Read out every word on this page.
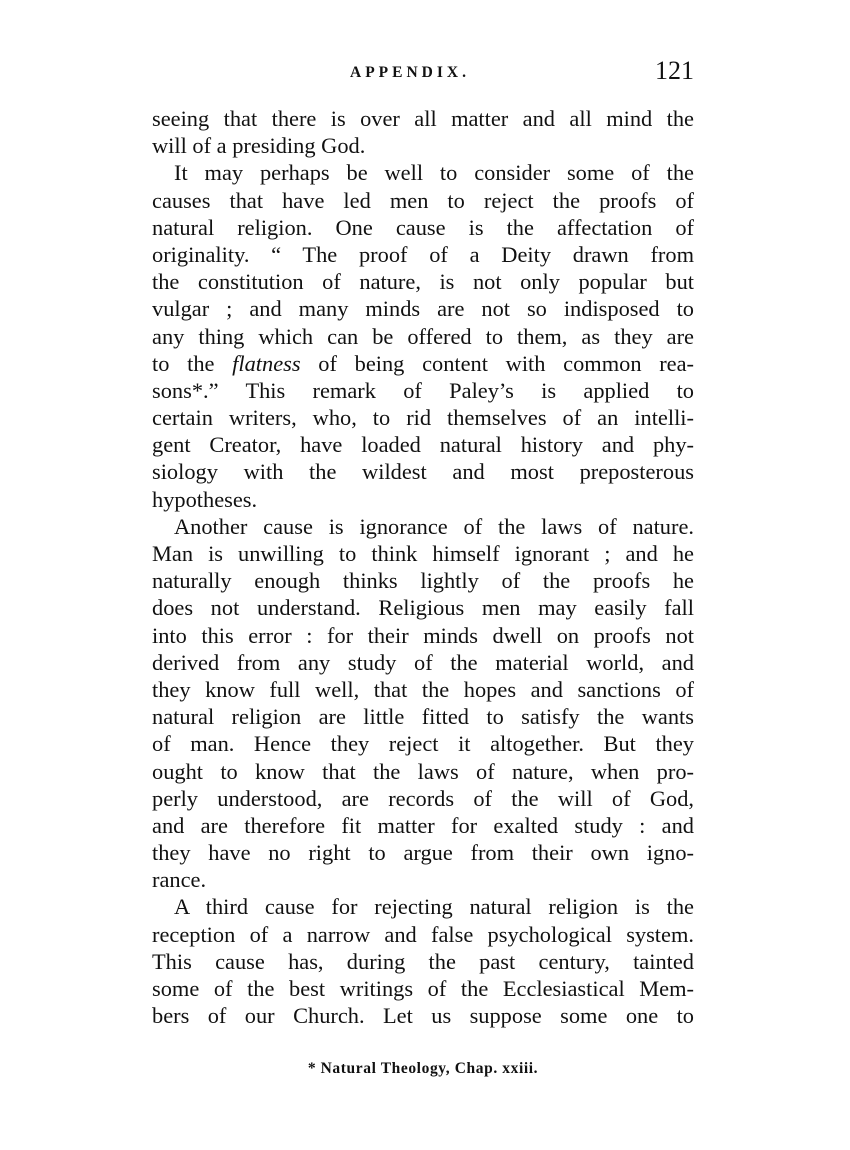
APPENDIX.	121
seeing that there is over all matter and all mind the
will of a presiding God.
It may perhaps be well to consider some of the
causes that have led men to reject the proofs of
natural religion. One cause is the affectation of
originality. “ The proof of a Deity drawn from
the constitution of nature, is not only popular but
vulgar ; and many minds are not so indisposed to
any thing which can be offered to them, as they are
to the flatness of being content with common rea-
sons*.” This remark of Paley’s is applied to
certain writers, who, to rid themselves of an intelli-
gent Creator, have loaded natural history and phy-
siology with the wildest and most preposterous
hypotheses.
Another cause is ignorance of the laws of nature.
Man is unwilling to think himself ignorant ; and he
naturally enough thinks lightly of the proofs he
does not understand. Religious men may easily fall
into this error : for their minds dwell on proofs not
derived from any study of the material world, and
they know full well, that the hopes and sanctions of
natural religion are little fitted to satisfy the wants
of man. Hence they reject it altogether. But they
ought to know that the laws of nature, when pro-
perly understood, are records of the will of God,
and are therefore fit matter for exalted study : and
they have no right to argue from their own igno-
rance.
A third cause for rejecting natural religion is the
reception of a narrow and false psychological system.
This cause has, during the past century, tainted
some of the best writings of the Ecclesiastical Mem-
bers of our Church. Let us suppose some one to
* Natural Theology, Chap. xxiii.
